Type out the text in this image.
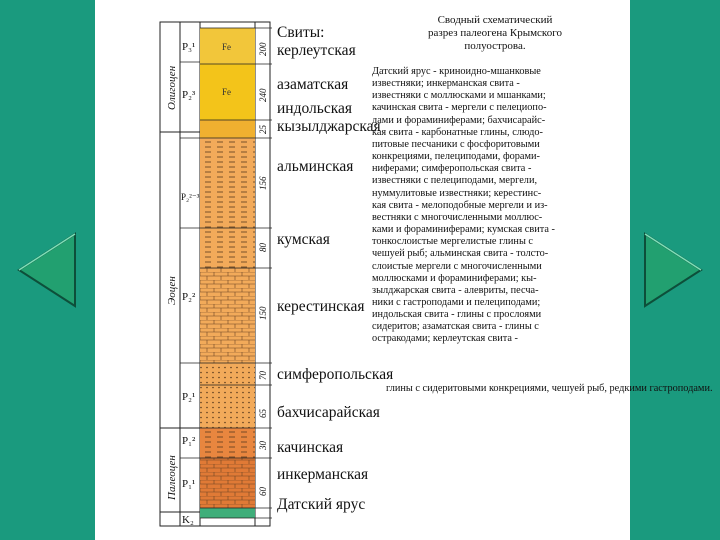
P₃¹
P₂³
P₂²⁻³
P₂²
P₂¹
P₁²
P₁¹
K₂
Олигоцен
Эоцен
Палеоцен
200
240
25
156
80
150
70
65
30
60
Fe
Fe
Свиты:
керлеутская
азаматская
индольская
кызылджарская
альминская
кумская
керестинская
симферопольская
бахчисарайская
качинская
инкерманская
Датский ярус
Сводный схематический
разрез палеогена Крымского
полуострова.
Датский ярус - криноидно-мшанковые
известняки; инкерманская свита -
известняки с моллюсками и мшанками;
качинская свита - мергели с пелециопо-
дами и фораминиферами; бахчисарайс-
кая свита - карбонатные глины, слюдо-
питовые песчаники с фосфоритовыми
конкрециями, пелециподами, форами-
ниферами; симферопольская свита -
известняки с пелециподами, мергели,
нуммулитовые известняки; керестинс-
кая свита - мелоподобные мергели и из-
вестняки с многочисленными моллюс-
ками и фораминиферами; кумская свита -
тонкослоистые мергелистые глины с
чешуей рыб; альминская свита - толсто-
слоистые мергели с многочисленными
моллюсками и фораминиферами; кы-
зылджарская свита - алевриты, песча-
ники с гастроподами и пелециподами;
индольская свита - глины с прослоями
сидеритов; азаматская свита - глины с
остракодами; керлеутская свита -
глины с сидеритовыми конкрециями, чешуей рыб, редкими гастроподами.
